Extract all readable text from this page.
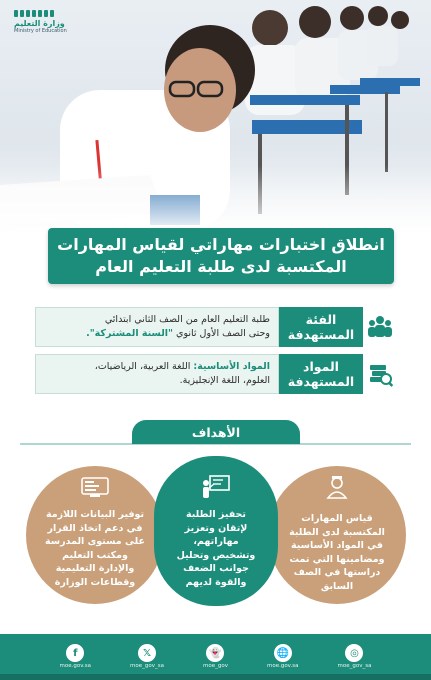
وزارة التعليم
Ministry of Education
انطلاق اختبارات مهاراتي لقياس المهارات
المكتسبة لدى طلبة التعليم العام
الفئة
المستهدفة
طلبة التعليم العام من الصف الثاني ابتدائي
وحتى الصف الأول ثانوي "السنة المشتركة".
المواد
المستهدفة
المواد الأساسية: اللغة العربية، الرياضيات،
العلوم، اللغة الإنجليزية.
الأهداف
توفير البيانات اللازمة
في دعم اتخاذ القرار
على مستوى المدرسة
ومكتب التعليم
والإدارة التعليمية
وقطاعات الوزارة
قياس المهارات
المكتسبة لدى الطلبة
في المواد الأساسية
ومضامينها التي تمت
دراستها في الصف
السابق
تحفيز الطلبة
لإتقان وتعزيز
مهاراتهم،
وتشخيص وتحليل
جوانب الضعف
والقوة لديهم
f
moe.gov.sa
𝕏
moe_gov_sa
👻
moe_gov
🌐
moe.gov.sa
◎
moe_gov_sa
